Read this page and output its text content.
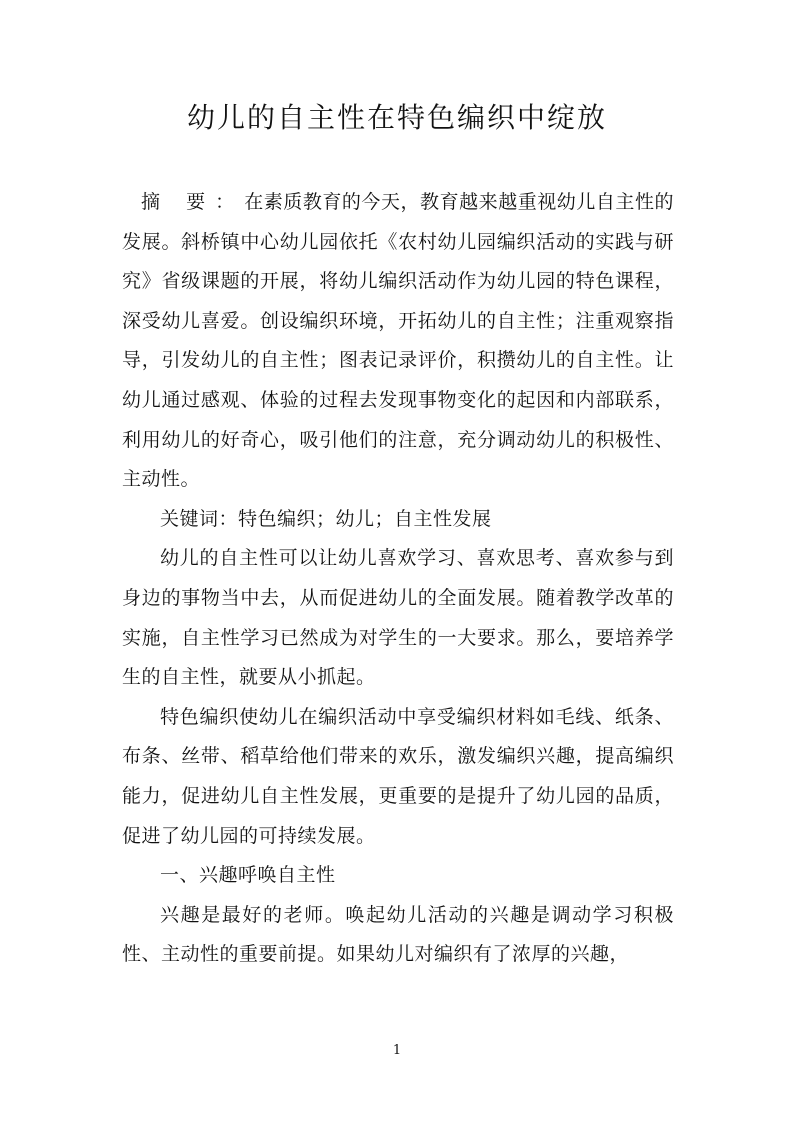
幼儿的自主性在特色编织中绽放

摘 要：在素质教育的今天，教育越来越重视幼儿自主性的发展。斜桥镇中心幼儿园依托《农村幼儿园编织活动的实践与研究》省级课题的开展，将幼儿编织活动作为幼儿园的特色课程，深受幼儿喜爱。创设编织环境，开拓幼儿的自主性；注重观察指导，引发幼儿的自主性；图表记录评价，积攒幼儿的自主性。让幼儿通过感观、体验的过程去发现事物变化的起因和内部联系，利用幼儿的好奇心，吸引他们的注意，充分调动幼儿的积极性、主动性。

关键词：特色编织；幼儿；自主性发展

幼儿的自主性可以让幼儿喜欢学习、喜欢思考、喜欢参与到身边的事物当中去，从而促进幼儿的全面发展。随着教学改革的实施，自主性学习已然成为对学生的一大要求。那么，要培养学生的自主性，就要从小抓起。

特色编织使幼儿在编织活动中享受编织材料如毛线、纸条、布条、丝带、稻草给他们带来的欢乐，激发编织兴趣，提高编织能力，促进幼儿自主性发展，更重要的是提升了幼儿园的品质，促进了幼儿园的可持续发展。

一、兴趣呼唤自主性

兴趣是最好的老师。唤起幼儿活动的兴趣是调动学习积极性、主动性的重要前提。如果幼儿对编织有了浓厚的兴趣，

1
